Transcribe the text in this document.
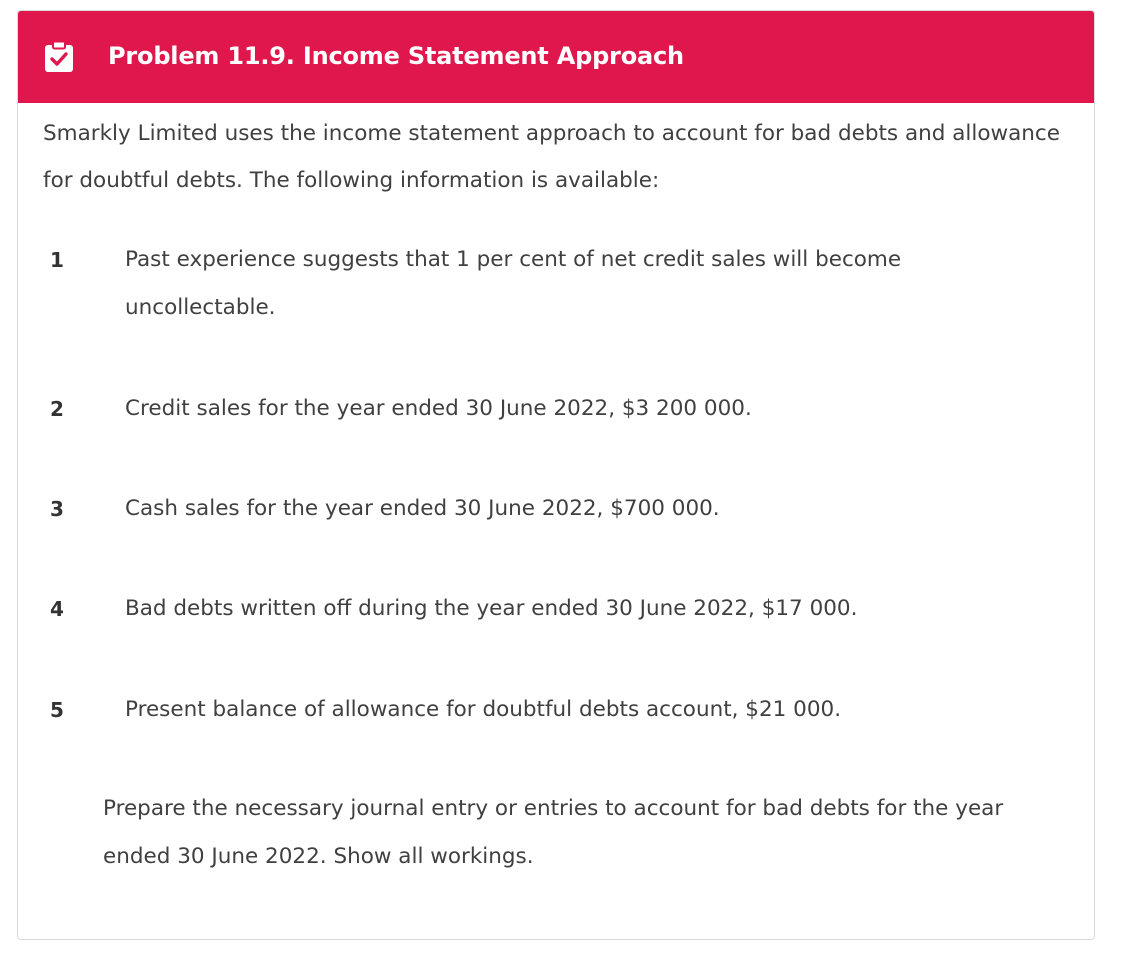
Problem 11.9. Income Statement Approach

Smarkly Limited uses the income statement approach to account for bad debts and allowance for doubtful debts. The following information is available:

1	Past experience suggests that 1 per cent of net credit sales will become uncollectable.
2	Credit sales for the year ended 30 June 2022, $3 200 000.
3	Cash sales for the year ended 30 June 2022, $700 000.
4	Bad debts written off during the year ended 30 June 2022, $17 000.
5	Present balance of allowance for doubtful debts account, $21 000.
Prepare the necessary journal entry or entries to account for bad debts for the year ended 30 June 2022. Show all workings.
